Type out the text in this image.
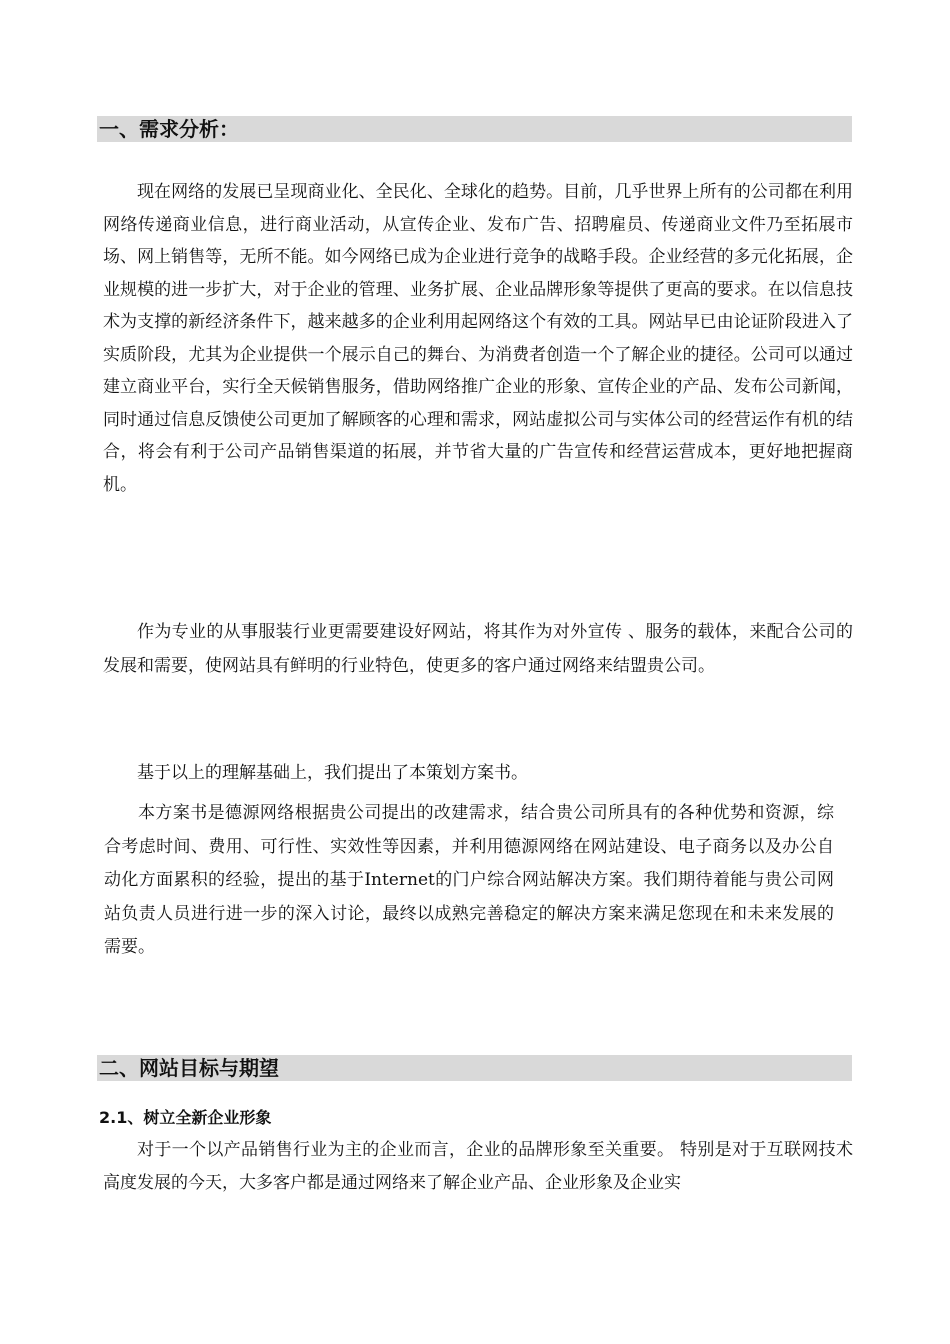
一、需求分析：

现在网络的发展已呈现商业化、全民化、全球化的趋势。目前，几乎世界上所有的公司都在利用网络传递商业信息，进行商业活动，从宣传企业、发布广告、招聘雇员、传递商业文件乃至拓展市场、网上销售等，无所不能。如今网络已成为企业进行竞争的战略手段。企业经营的多元化拓展，企业规模的进一步扩大，对于企业的管理、业务扩展、企业品牌形象等提供了更高的要求。在以信息技术为支撑的新经济条件下，越来越多的企业利用起网络这个有效的工具。网站早已由论证阶段进入了实质阶段，尤其为企业提供一个展示自己的舞台、为消费者创造一个了解企业的捷径。公司可以通过建立商业平台，实行全天候销售服务，借助网络推广企业的形象、宣传企业的产品、发布公司新闻，同时通过信息反馈使公司更加了解顾客的心理和需求，网站虚拟公司与实体公司的经营运作有机的结合，将会有利于公司产品销售渠道的拓展，并节省大量的广告宣传和经营运营成本，更好地把握商机。

作为专业的从事服装行业更需要建设好网站，将其作为对外宣传 、服务的载体，来配合公司的发展和需要，使网站具有鲜明的行业特色，使更多的客户通过网络来结盟贵公司。

基于以上的理解基础上，我们提出了本策划方案书。

本方案书是德源网络根据贵公司提出的改建需求，结合贵公司所具有的各种优势和资源，综合考虑时间、费用、可行性、实效性等因素，并利用德源网络在网站建设、电子商务以及办公自动化方面累积的经验，提出的基于Internet的门户综合网站解决方案。我们期待着能与贵公司网站负责人员进行进一步的深入讨论，最终以成熟完善稳定的解决方案来满足您现在和未来发展的需要。

二、网站目标与期望
2.1、树立全新企业形象

对于一个以产品销售行业为主的企业而言，企业的品牌形象至关重要。 特别是对于互联网技术高度发展的今天，大多客户都是通过网络来了解企业产品、企业形象及企业实
